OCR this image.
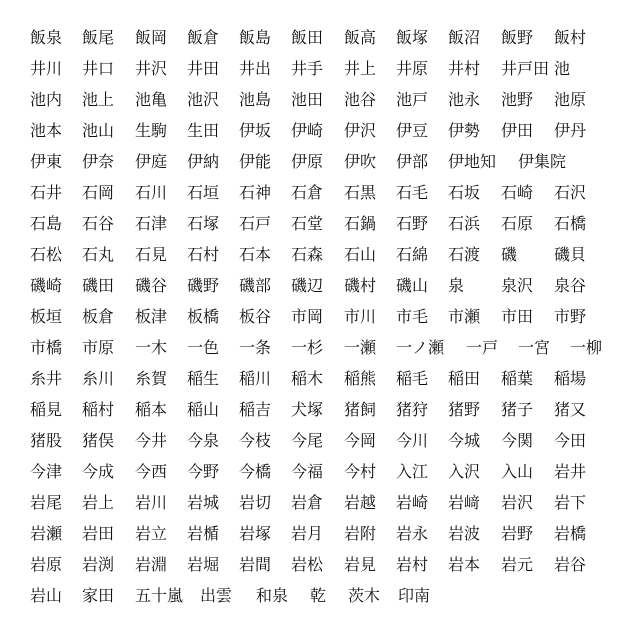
飯泉 飯尾 飯岡 飯倉 飯島 飯田 飯高 飯塚 飯沼 飯野 飯村
井川 井口 井沢 井田 井出 井手 井上 井原 井村 井戸田 池
池内 池上 池亀 池沢 池島 池田 池谷 池戸 池永 池野 池原
池本 池山 生駒 生田 伊坂 伊崎 伊沢 伊豆 伊勢 伊田 伊丹
伊東 伊奈 伊庭 伊納 伊能 伊原 伊吹 伊部 伊地知 伊集院
石井 石岡 石川 石垣 石神 石倉 石黒 石毛 石坂 石崎 石沢
石島 石谷 石津 石塚 石戸 石堂 石鍋 石野 石浜 石原 石橋
石松 石丸 石見 石村 石本 石森 石山 石綿 石渡 磯 磯貝
磯崎 磯田 磯谷 磯野 磯部 磯辺 磯村 磯山 泉 泉沢 泉谷
板垣 板倉 板津 板橋 板谷 市岡 市川 市毛 市瀬 市田 市野
市橋 市原 一木 一色 一条 一杉 一瀬 一ノ瀬 一戸 一宮 一柳
糸井 糸川 糸賀 稲生 稲川 稲木 稲熊 稲毛 稲田 稲葉 稲場
稲見 稲村 稲本 稲山 稲吉 犬塚 猪飼 猪狩 猪野 猪子 猪又
猪股 猪俣 今井 今泉 今枝 今尾 今岡 今川 今城 今関 今田
今津 今成 今西 今野 今橋 今福 今村 入江 入沢 入山 岩井
岩尾 岩上 岩川 岩城 岩切 岩倉 岩越 岩崎 岩﨑 岩沢 岩下
岩瀬 岩田 岩立 岩楯 岩塚 岩月 岩附 岩永 岩波 岩野 岩橋
岩原 岩渕 岩淵 岩堀 岩間 岩松 岩見 岩村 岩本 岩元 岩谷
岩山 家田 五十嵐 出雲 和泉 乾 茨木 印南
